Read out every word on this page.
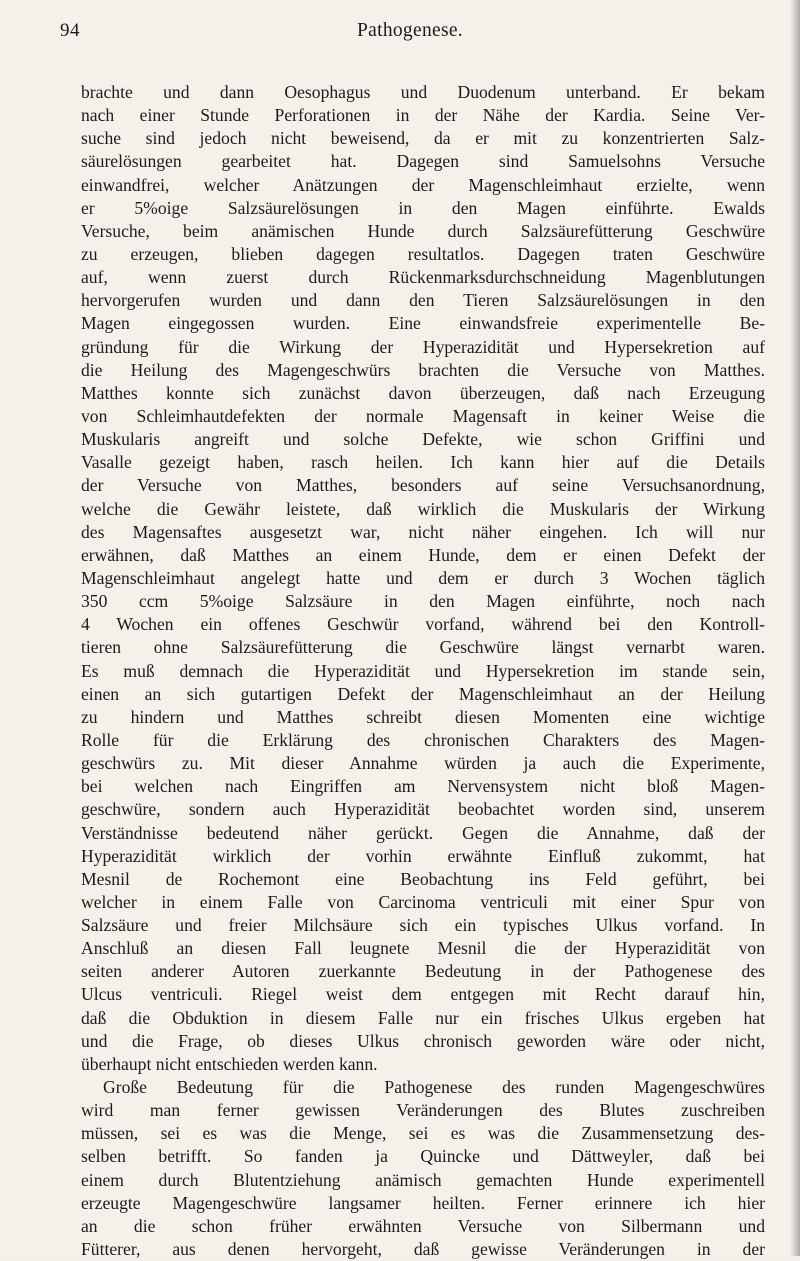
94	Pathogenese.
brachte und dann Oesophagus und Duodenum unterband. Er bekam
nach einer Stunde Perforationen in der Nähe der Kardia. Seine Ver-
suche sind jedoch nicht beweisend, da er mit zu konzentrierten Salz-
säurelösungen gearbeitet hat. Dagegen sind Samuelsohns Versuche
einwandfrei, welcher Anätzungen der Magenschleimhaut erzielte, wenn
er 5%oige Salzsäurelösungen in den Magen einführte. Ewalds
Versuche, beim anämischen Hunde durch Salzsäurefütterung Geschwüre
zu erzeugen, blieben dagegen resultatlos. Dagegen traten Geschwüre
auf, wenn zuerst durch Rückenmarksdurchschneidung Magenblutungen
hervorgerufen wurden und dann den Tieren Salzsäurelösungen in den
Magen eingegossen wurden. Eine einwandsfreie experimentelle Be-
gründung für die Wirkung der Hyperazidität und Hypersekretion auf
die Heilung des Magengeschwürs brachten die Versuche von Matthes.
Matthes konnte sich zunächst davon überzeugen, daß nach Erzeugung
von Schleimhautdefekten der normale Magensaft in keiner Weise die
Muskularis angreift und solche Defekte, wie schon Griffini und
Vasalle gezeigt haben, rasch heilen. Ich kann hier auf die Details
der Versuche von Matthes, besonders auf seine Versuchsanordnung,
welche die Gewähr leistete, daß wirklich die Muskularis der Wirkung
des Magensaftes ausgesetzt war, nicht näher eingehen. Ich will nur
erwähnen, daß Matthes an einem Hunde, dem er einen Defekt der
Magenschleimhaut angelegt hatte und dem er durch 3 Wochen täglich
350 ccm 5%oige Salzsäure in den Magen einführte, noch nach
4 Wochen ein offenes Geschwür vorfand, während bei den Kontroll-
tieren ohne Salzsäurefütterung die Geschwüre längst vernarbt waren.
Es muß demnach die Hyperazidität und Hypersekretion im stande sein,
einen an sich gutartigen Defekt der Magenschleimhaut an der Heilung
zu hindern und Matthes schreibt diesen Momenten eine wichtige
Rolle für die Erklärung des chronischen Charakters des Magen-
geschwürs zu. Mit dieser Annahme würden ja auch die Experimente,
bei welchen nach Eingriffen am Nervensystem nicht bloß Magen-
geschwüre, sondern auch Hyperazidität beobachtet worden sind, unserem
Verständnisse bedeutend näher gerückt. Gegen die Annahme, daß der
Hyperazidität wirklich der vorhin erwähnte Einfluß zukommt, hat
Mesnil de Rochemont eine Beobachtung ins Feld geführt, bei
welcher in einem Falle von Carcinoma ventriculi mit einer Spur von
Salzsäure und freier Milchsäure sich ein typisches Ulkus vorfand. In
Anschluß an diesen Fall leugnete Mesnil die der Hyperazidität von
seiten anderer Autoren zuerkannte Bedeutung in der Pathogenese des
Ulcus ventriculi. Riegel weist dem entgegen mit Recht darauf hin,
daß die Obduktion in diesem Falle nur ein frisches Ulkus ergeben hat
und die Frage, ob dieses Ulkus chronisch geworden wäre oder nicht,
überhaupt nicht entschieden werden kann.
Große Bedeutung für die Pathogenese des runden Magengeschwüres
wird man ferner gewissen Veränderungen des Blutes zuschreiben
müssen, sei es was die Menge, sei es was die Zusammensetzung des-
selben betrifft. So fanden ja Quincke und Dättweyler, daß bei
einem durch Blutentziehung anämisch gemachten Hunde experimentell
erzeugte Magengeschwüre langsamer heilten. Ferner erinnere ich hier
an die schon früher erwähnten Versuche von Silbermann und
Fütterer, aus denen hervorgeht, daß gewisse Veränderungen in der
